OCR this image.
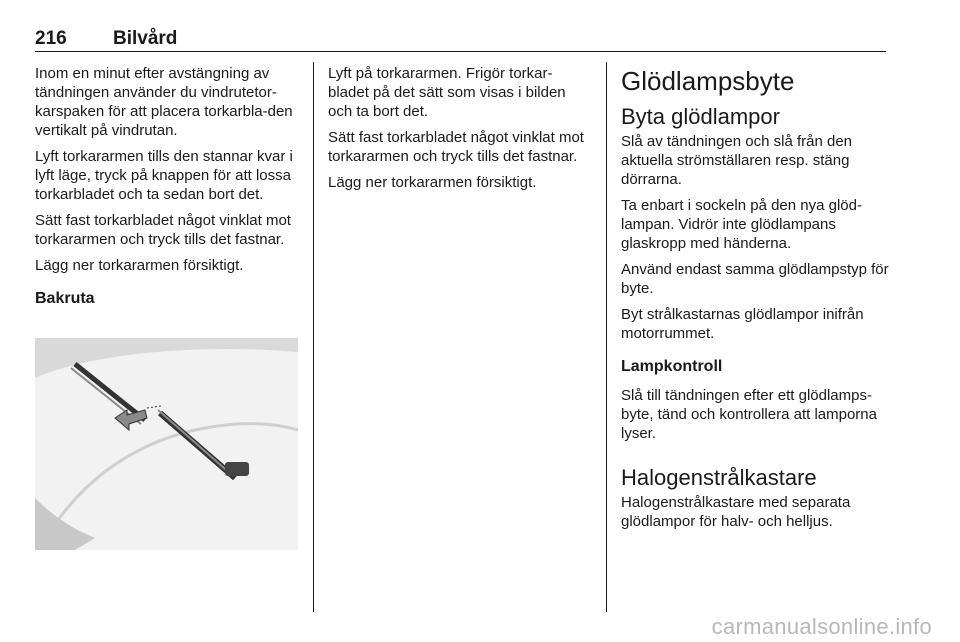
216 Bilvård

Inom en minut efter avstängning av tändningen använder du vindrutetor-karspaken för att placera torkarbla-den vertikalt på vindrutan.

Lyft torkararmen tills den stannar kvar i lyft läge, tryck på knappen för att lossa torkarbladet och ta sedan bort det.

Sätt fast torkarbladet något vinklat mot torkararmen och tryck tills det fastnar.

Lägg ner torkararmen försiktigt.

Bakruta

Lyft på torkararmen. Frigör torkar-bladet på det sätt som visas i bilden och ta bort det.

Sätt fast torkarbladet något vinklat mot torkararmen och tryck tills det fastnar.

Lägg ner torkararmen försiktigt.

Glödlampsbyte
Byta glödlampor

Slå av tändningen och slå från den aktuella strömställaren resp. stäng dörrarna.

Ta enbart i sockeln på den nya glöd-lampan. Vidrör inte glödlampans glaskropp med händerna.

Använd endast samma glödlampstyp för byte.

Byt strålkastarnas glödlampor inifrån motorrummet.

Lampkontroll

Slå till tändningen efter ett glödlamps-byte, tänd och kontrollera att lamporna lyser.

Halogenstrålkastare

Halogenstrålkastare med separata glödlampor för halv- och helljus.

carmanualsonline.info
